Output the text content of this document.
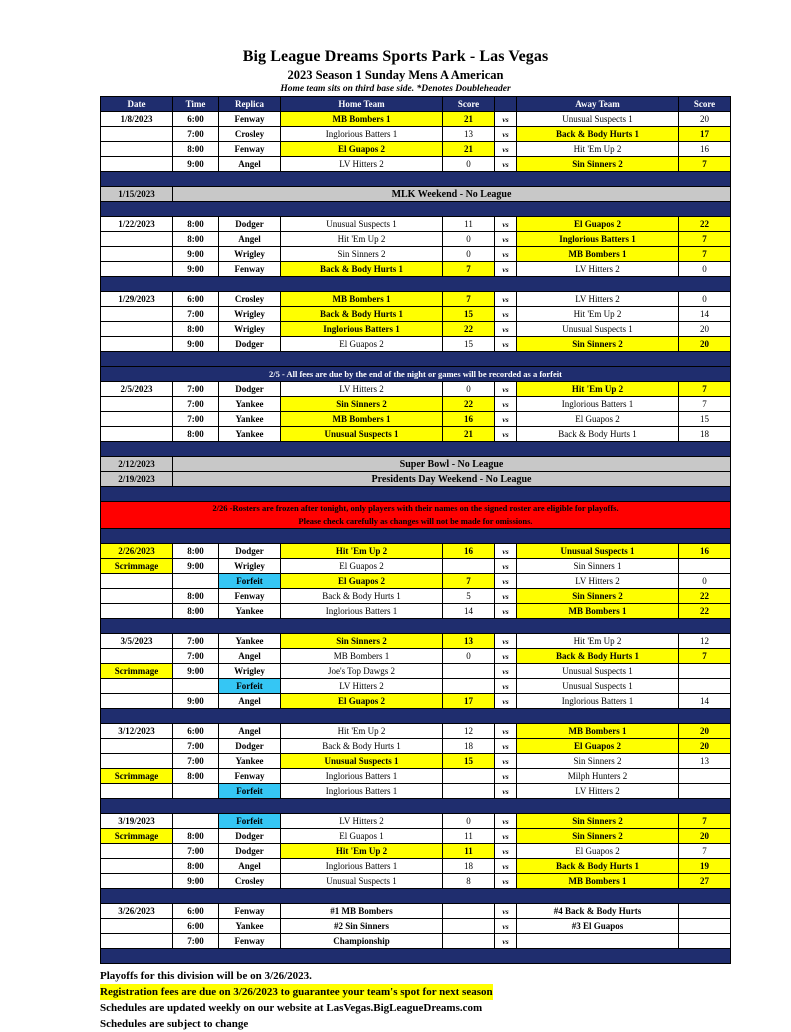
Big League Dreams Sports Park - Las Vegas
2023 Season 1 Sunday Mens A American
Home team sits on third base side. *Denotes Doubleheader
Date	Time	Replica	Home Team	Score		Away Team	Score
1/8/2023	6:00	Fenway	MB Bombers 1	21	vs	Unusual Suspects 1	20
	7:00	Crosley	Inglorious Batters 1	13	vs	Back & Body Hurts 1	17
	8:00	Fenway	El Guapos 2	21	vs	Hit 'Em Up 2	16
	9:00	Angel	LV Hitters 2	0	vs	Sin Sinners 2	7

1/15/2023	MLK Weekend - No League						

1/22/2023	8:00	Dodger	Unusual Suspects 1	11	vs	El Guapos 2	22
	8:00	Angel	Hit 'Em Up 2	0	vs	Inglorious Batters 1	7
	9:00	Wrigley	Sin Sinners 2	0	vs	MB Bombers 1	7
	9:00	Fenway	Back & Body Hurts 1	7	vs	LV Hitters 2	0

1/29/2023	6:00	Crosley	MB Bombers 1	7	vs	LV Hitters 2	0
	7:00	Wrigley	Back & Body Hurts 1	15	vs	Hit 'Em Up 2	14
	8:00	Wrigley	Inglorious Batters 1	22	vs	Unusual Suspects 1	20
	9:00	Dodger	El Guapos 2	15	vs	Sin Sinners 2	20

2/5 - All fees are due by the end of the night or games will be recorded as a forfeit							
2/5/2023	7:00	Dodger	LV Hitters 2	0	vs	Hit 'Em Up 2	7
	7:00	Yankee	Sin Sinners 2	22	vs	Inglorious Batters 1	7
	7:00	Yankee	MB Bombers 1	16	vs	El Guapos 2	15
	8:00	Yankee	Unusual Suspects 1	21	vs	Back & Body Hurts 1	18

2/12/2023	Super Bowl - No League						
2/19/2023	Presidents Day Weekend - No League						

2/26 -Rosters are frozen after tonight, only players with their names on the signed roster are eligible for playoffs.
Please check carefully as changes will not be made for omissions.							

2/26/2023	8:00	Dodger	Hit 'Em Up 2	16	vs	Unusual Suspects 1	16
Scrimmage	9:00	Wrigley	El Guapos 2		vs	Sin Sinners 1	
		Forfeit	El Guapos 2	7	vs	LV Hitters 2	0
	8:00	Fenway	Back & Body Hurts 1	5	vs	Sin Sinners 2	22
	8:00	Yankee	Inglorious Batters 1	14	vs	MB Bombers 1	22

3/5/2023	7:00	Yankee	Sin Sinners 2	13	vs	Hit 'Em Up 2	12
	7:00	Angel	MB Bombers 1	0	vs	Back & Body Hurts 1	7
Scrimmage	9:00	Wrigley	Joe's Top Dawgs 2		vs	Unusual Suspects 1	
		Forfeit	LV Hitters 2		vs	Unusual Suspects 1	
	9:00	Angel	El Guapos 2	17	vs	Inglorious Batters 1	14

3/12/2023	6:00	Angel	Hit 'Em Up 2	12	vs	MB Bombers 1	20
	7:00	Dodger	Back & Body Hurts 1	18	vs	El Guapos 2	20
	7:00	Yankee	Unusual Suspects 1	15	vs	Sin Sinners 2	13
Scrimmage	8:00	Fenway	Inglorious Batters 1		vs	Milph Hunters 2	
		Forfeit	Inglorious Batters 1		vs	LV Hitters 2	

3/19/2023		Forfeit	LV Hitters 2	0	vs	Sin Sinners 2	7
Scrimmage	8:00	Dodger	El Guapos 1	11	vs	Sin Sinners 2	20
	7:00	Dodger	Hit 'Em Up 2	11	vs	El Guapos 2	7
	8:00	Angel	Inglorious Batters 1	18	vs	Back & Body Hurts 1	19
	9:00	Crosley	Unusual Suspects 1	8	vs	MB Bombers 1	27

3/26/2023	6:00	Fenway	#1 MB Bombers		vs	#4 Back & Body Hurts	
	6:00	Yankee	#2 Sin Sinners		vs	#3 El Guapos	
	7:00	Fenway	Championship		vs		

Playoffs for this division will be on 3/26/2023.
Registration fees are due on 3/26/2023 to guarantee your team's spot for next season
Schedules are updated weekly on our website at LasVegas.BigLeagueDreams.com
Schedules are subject to change
